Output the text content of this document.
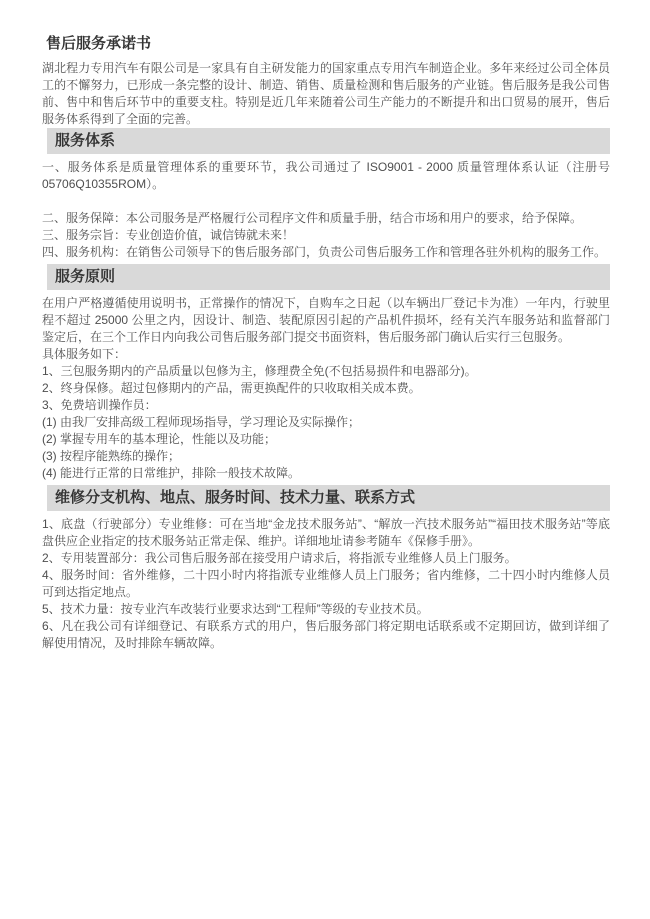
售后服务承诺书

湖北程力专用汽车有限公司是一家具有自主研发能力的国家重点专用汽车制造企业。多年来经过公司全体员工的不懈努力，已形成一条完整的设计、制造、销售、质量检测和售后服务的产业链。售后服务是我公司售前、售中和售后环节中的重要支柱。特别是近几年来随着公司生产能力的不断提升和出口贸易的展开，售后服务体系得到了全面的完善。

服务体系

一、服务体系是质量管理体系的重要环节，我公司通过了 ISO9001 - 2000 质量管理体系认证（注册号 05706Q10355ROM）。

二、服务保障：本公司服务是严格履行公司程序文件和质量手册，结合市场和用户的要求，给予保障。

三、服务宗旨：专业创造价值，诚信铸就未来！

四、服务机构：在销售公司领导下的售后服务部门，负责公司售后服务工作和管理各驻外机构的服务工作。

服务原则

在用户严格遵循使用说明书，正常操作的情况下，自购车之日起（以车辆出厂登记卡为准）一年内，行驶里程不超过 25000 公里之内，因设计、制造、装配原因引起的产品机件损坏，经有关汽车服务站和监督部门鉴定后，在三个工作日内向我公司售后服务部门提交书面资料，售后服务部门确认后实行三包服务。

具体服务如下：

1、三包服务期内的产品质量以包修为主，修理费全免(不包括易损件和电器部分)。

2、终身保修。超过包修期内的产品，需更换配件的只收取相关成本费。

3、免费培训操作员：

(1) 由我厂安排高级工程师现场指导，学习理论及实际操作；

(2) 掌握专用车的基本理论，性能以及功能；

(3) 按程序能熟练的操作；

(4) 能进行正常的日常维护，排除一般技术故障。

维修分支机构、地点、服务时间、技术力量、联系方式

1、底盘（行驶部分）专业维修：可在当地“金龙技术服务站”、“解放一汽技术服务站”“福田技术服务站”等底盘供应企业指定的技术服务站正常走保、维护。详细地址请参考随车《保修手册》。

2、专用装置部分：我公司售后服务部在接受用户请求后，将指派专业维修人员上门服务。

4、服务时间：省外维修，二十四小时内将指派专业维修人员上门服务；省内维修，二十四小时内维修人员可到达指定地点。

5、技术力量：按专业汽车改装行业要求达到“工程师”等级的专业技术员。

6、凡在我公司有详细登记、有联系方式的用户，售后服务部门将定期电话联系或不定期回访，做到详细了解使用情况，及时排除车辆故障。
